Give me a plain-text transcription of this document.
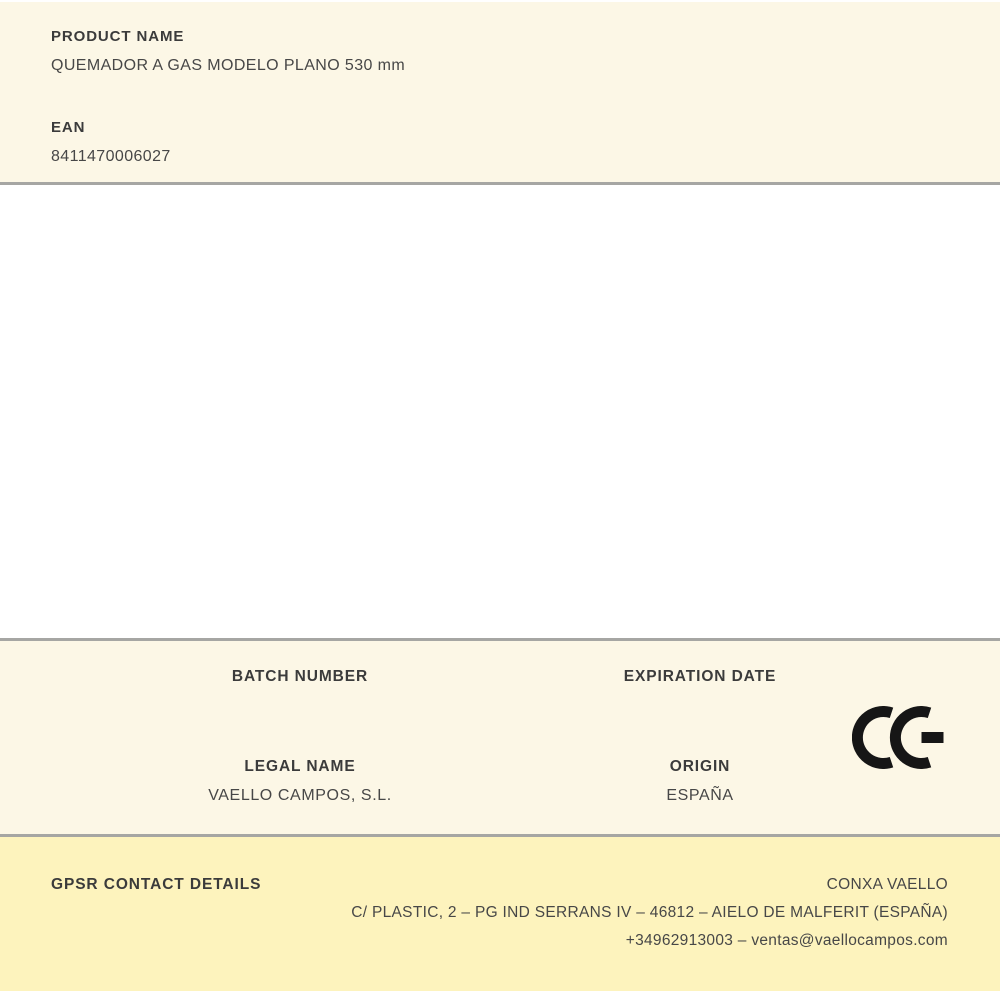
PRODUCT NAME
QUEMADOR A GAS MODELO PLANO 530 mm
EAN
8411470006027
BATCH NUMBER
LEGAL NAME
VAELLO CAMPOS, S.L.
EXPIRATION DATE
ORIGIN
ESPAÑA
GPSR CONTACT DETAILS	CONXA VAELLO
C/ PLASTIC, 2 – PG IND SERRANS IV – 46812 – AIELO DE MALFERIT (ESPAÑA)
+34962913003 – ventas@vaellocampos.com
